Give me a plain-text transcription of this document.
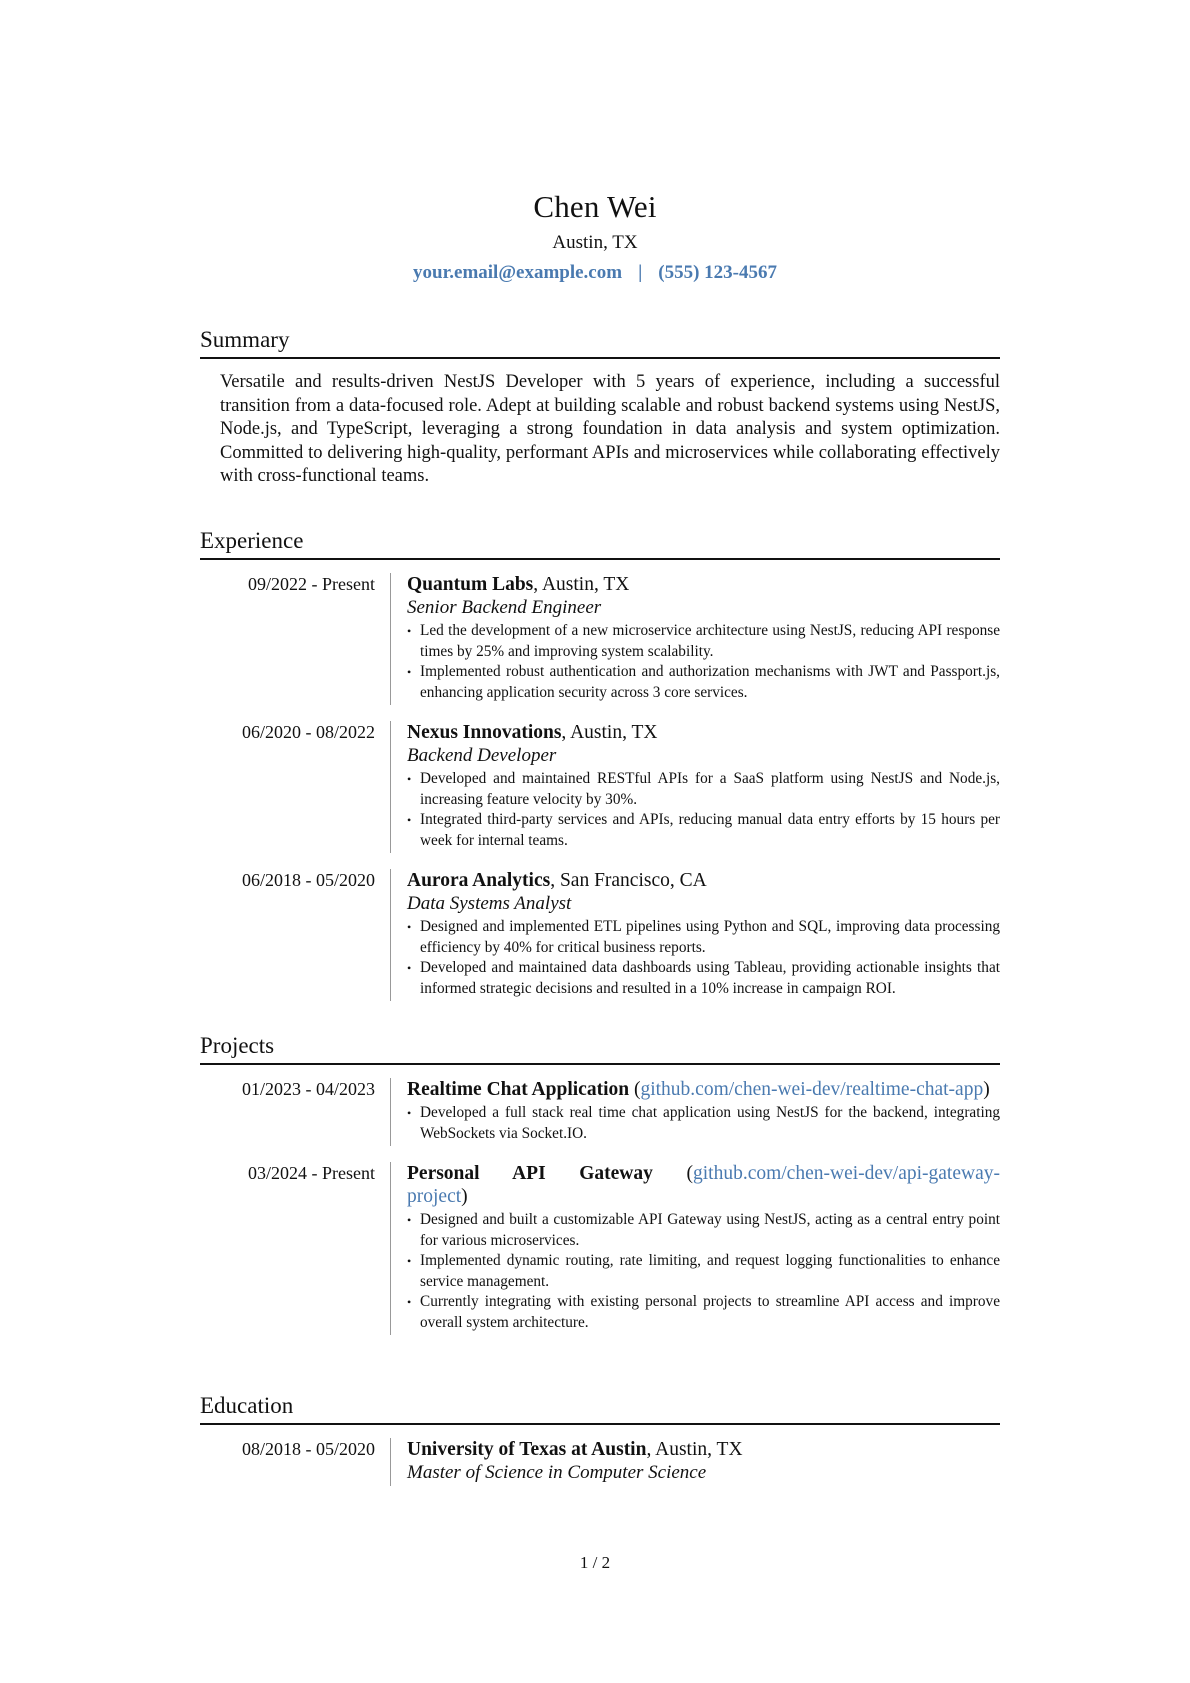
Chen Wei
Austin, TX
your.email@example.com | (555) 123-4567
Summary
Versatile and results-driven NestJS Developer with 5 years of experience, including a successful transition from a data-focused role. Adept at building scalable and robust backend systems using NestJS, Node.js, and TypeScript, leveraging a strong foundation in data analysis and system optimization. Committed to delivering high-quality, performant APIs and microservices while collaborating effectively with cross-functional teams.
Experience
09/2022 - Present	Quantum Labs, Austin, TX
Senior Backend Engineer
• Led the development of a new microservice architecture using NestJS, reducing API response times by 25% and improving system scalability.
• Implemented robust authentication and authorization mechanisms with JWT and Passport.js, enhancing application security across 3 core services.
06/2020 - 08/2022	Nexus Innovations, Austin, TX
Backend Developer
• Developed and maintained RESTful APIs for a SaaS platform using NestJS and Node.js, increasing feature velocity by 30%.
• Integrated third-party services and APIs, reducing manual data entry efforts by 15 hours per week for internal teams.
06/2018 - 05/2020	Aurora Analytics, San Francisco, CA
Data Systems Analyst
• Designed and implemented ETL pipelines using Python and SQL, improving data processing efficiency by 40% for critical business reports.
• Developed and maintained data dashboards using Tableau, providing actionable insights that informed strategic decisions and resulted in a 10% increase in campaign ROI.
Projects
01/2023 - 04/2023	Realtime Chat Application (github.com/chen-wei-dev/realtime-chat-app)
• Developed a full stack real time chat application using NestJS for the backend, integrating WebSockets via Socket.IO.
03/2024 - Present	Personal API Gateway (github.com/chen-wei-dev/api-gateway-project)
• Designed and built a customizable API Gateway using NestJS, acting as a central entry point for various microservices.
• Implemented dynamic routing, rate limiting, and request logging functionalities to enhance service management.
• Currently integrating with existing personal projects to streamline API access and improve overall system architecture.
Education
08/2018 - 05/2020	University of Texas at Austin, Austin, TX
Master of Science in Computer Science
1 / 2
